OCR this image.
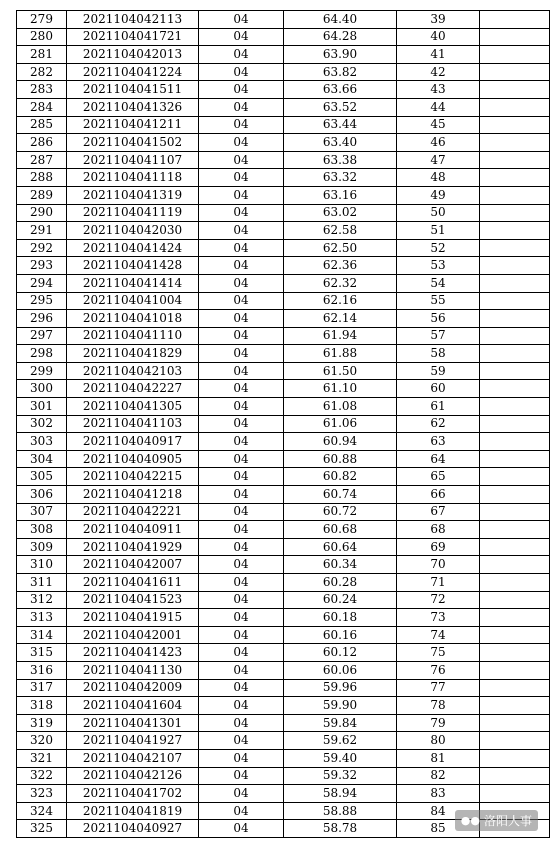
279	2021104042113	04	64.40	39	
280	2021104041721	04	64.28	40	
281	2021104042013	04	63.90	41	
282	2021104041224	04	63.82	42	
283	2021104041511	04	63.66	43	
284	2021104041326	04	63.52	44	
285	2021104041211	04	63.44	45	
286	2021104041502	04	63.40	46	
287	2021104041107	04	63.38	47	
288	2021104041118	04	63.32	48	
289	2021104041319	04	63.16	49	
290	2021104041119	04	63.02	50	
291	2021104042030	04	62.58	51	
292	2021104041424	04	62.50	52	
293	2021104041428	04	62.36	53	
294	2021104041414	04	62.32	54	
295	2021104041004	04	62.16	55	
296	2021104041018	04	62.14	56	
297	2021104041110	04	61.94	57	
298	2021104041829	04	61.88	58	
299	2021104042103	04	61.50	59	
300	2021104042227	04	61.10	60	
301	2021104041305	04	61.08	61	
302	2021104041103	04	61.06	62	
303	2021104040917	04	60.94	63	
304	2021104040905	04	60.88	64	
305	2021104042215	04	60.82	65	
306	2021104041218	04	60.74	66	
307	2021104042221	04	60.72	67	
308	2021104040911	04	60.68	68	
309	2021104041929	04	60.64	69	
310	2021104042007	04	60.34	70	
311	2021104041611	04	60.28	71	
312	2021104041523	04	60.24	72	
313	2021104041915	04	60.18	73	
314	2021104042001	04	60.16	74	
315	2021104041423	04	60.12	75	
316	2021104041130	04	60.06	76	
317	2021104042009	04	59.96	77	
318	2021104041604	04	59.90	78	
319	2021104041301	04	59.84	79	
320	2021104041927	04	59.62	80	
321	2021104042107	04	59.40	81	
322	2021104042126	04	59.32	82	
323	2021104041702	04	58.94	83	
324	2021104041819	04	58.88	84	
325	2021104040927	04	58.78	85	
●● 洛阳人事
